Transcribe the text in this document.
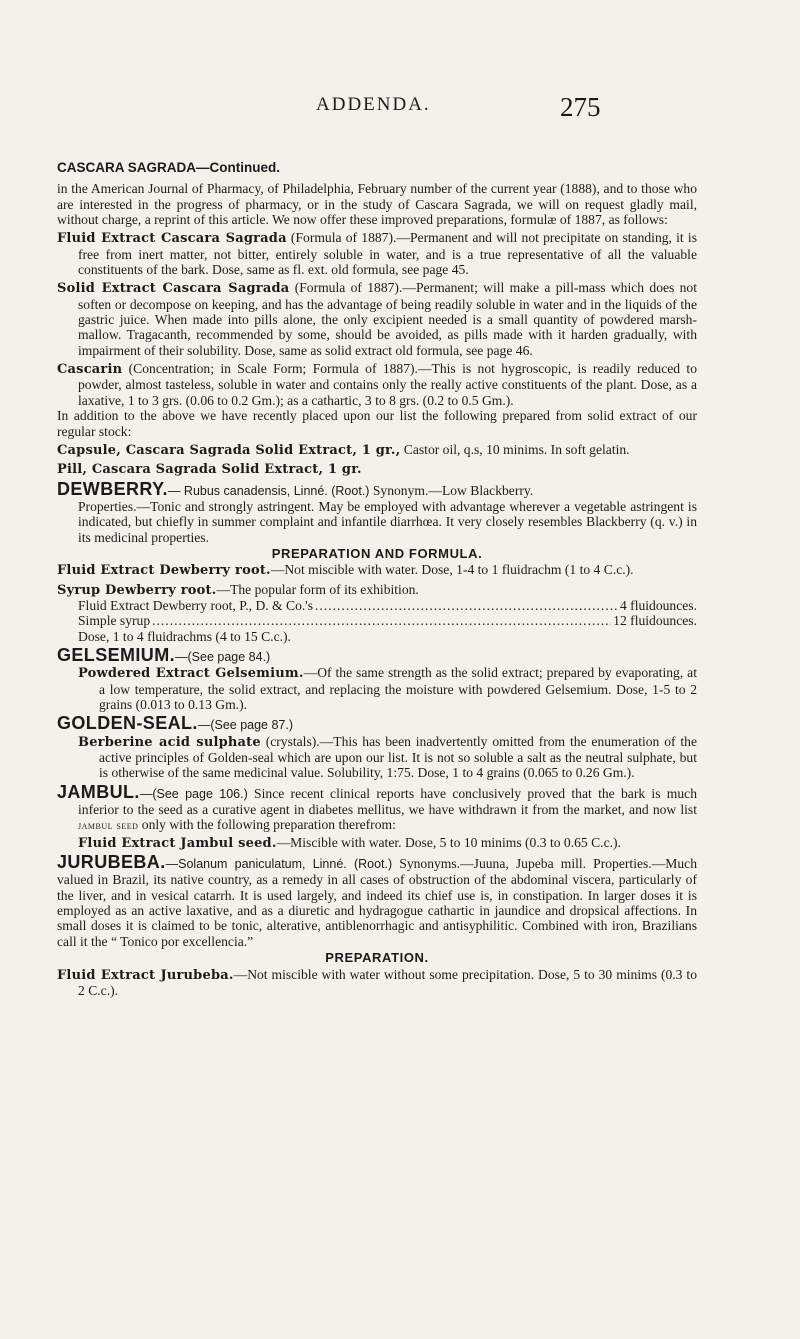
ADDENDA.	275

CASCARA SAGRADA—Continued.

in the American Journal of Pharmacy, of Philadelphia, February number of the current year (1888), and to those who are interested in the progress of pharmacy, or in the study of Cascara Sagrada, we will on request gladly mail, without charge, a reprint of this article. We now offer these improved preparations, formulæ of 1887, as follows:

Fluid Extract Cascara Sagrada (Formula of 1887).—Permanent and will not precipitate on standing, it is free from inert matter, not bitter, entirely soluble in water, and is a true representative of all the valuable constituents of the bark. Dose, same as fl. ext. old formula, see page 45.

Solid Extract Cascara Sagrada (Formula of 1887).—Permanent; will make a pill-mass which does not soften or decompose on keeping, and has the advantage of being readily soluble in water and in the liquids of the gastric juice. When made into pills alone, the only excipient needed is a small quantity of powdered marsh-mallow. Tragacanth, recommended by some, should be avoided, as pills made with it harden gradually, with impairment of their solubility. Dose, same as solid extract old formula, see page 46.

Cascarin (Concentration; in Scale Form; Formula of 1887).—This is not hygroscopic, is readily reduced to powder, almost tasteless, soluble in water and contains only the really active constituents of the plant. Dose, as a laxative, 1 to 3 grs. (0.06 to 0.2 Gm.); as a cathartic, 3 to 8 grs. (0.2 to 0.5 Gm.).

In addition to the above we have recently placed upon our list the following prepared from solid extract of our regular stock:

Capsule, Cascara Sagrada Solid Extract, 1 gr., Castor oil, q.s, 10 minims. In soft gelatin.

Pill, Cascara Sagrada Solid Extract, 1 gr.

DEWBERRY.— Rubus canadensis, Linné. (Root.) Synonym.—Low Blackberry.

Properties.—Tonic and strongly astringent. May be employed with advantage wherever a vegetable astringent is indicated, but chiefly in summer complaint and infantile diarrhœa. It very closely resembles Blackberry (q. v.) in its medicinal properties.

PREPARATION AND FORMULA.

Fluid Extract Dewberry root.—Not miscible with water. Dose, 1-4 to 1 fluidrachm (1 to 4 C.c.).

Syrup Dewberry root.—The popular form of its exhibition.

Fluid Extract Dewberry root, P., D. & Co.'s .....	4 fluidounces.
Simple syrup .....	12 fluidounces.

Dose, 1 to 4 fluidrachms (4 to 15 C.c.).

GELSEMIUM.—(See page 84.)

Powdered Extract Gelsemium.—Of the same strength as the solid extract; prepared by evaporating, at a low temperature, the solid extract, and replacing the moisture with powdered Gelsemium. Dose, 1-5 to 2 grains (0.013 to 0.13 Gm.).

GOLDEN-SEAL.—(See page 87.)

Berberine acid sulphate (crystals).—This has been inadvertently omitted from the enumeration of the active principles of Golden-seal which are upon our list. It is not so soluble a salt as the neutral sulphate, but is otherwise of the same medicinal value. Solubility, 1:75. Dose, 1 to 4 grains (0.065 to 0.26 Gm.).

JAMBUL.—(See page 106.) Since recent clinical reports have conclusively proved that the bark is much inferior to the seed as a curative agent in diabetes mellitus, we have withdrawn it from the market, and now list jambul seed only with the following preparation therefrom:

Fluid Extract Jambul seed.—Miscible with water. Dose, 5 to 10 minims (0.3 to 0.65 C.c.).

JURUBEBA.—Solanum paniculatum, Linné. (Root.) Synonyms.—Juuna, Jupeba mill. Properties.—Much valued in Brazil, its native country, as a remedy in all cases of obstruction of the abdominal viscera, particularly of the liver, and in vesical catarrh. It is used largely, and indeed its chief use is, in constipation. In larger doses it is employed as an active laxative, and as a diuretic and hydragogue cathartic in jaundice and dropsical affections. In small doses it is claimed to be tonic, alterative, antiblenorrhagic and antisyphilitic. Combined with iron, Brazilians call it the “ Tonico por excellencia.”

PREPARATION.

Fluid Extract Jurubeba.—Not miscible with water without some precipitation. Dose, 5 to 30 minims (0.3 to 2 C.c.).
